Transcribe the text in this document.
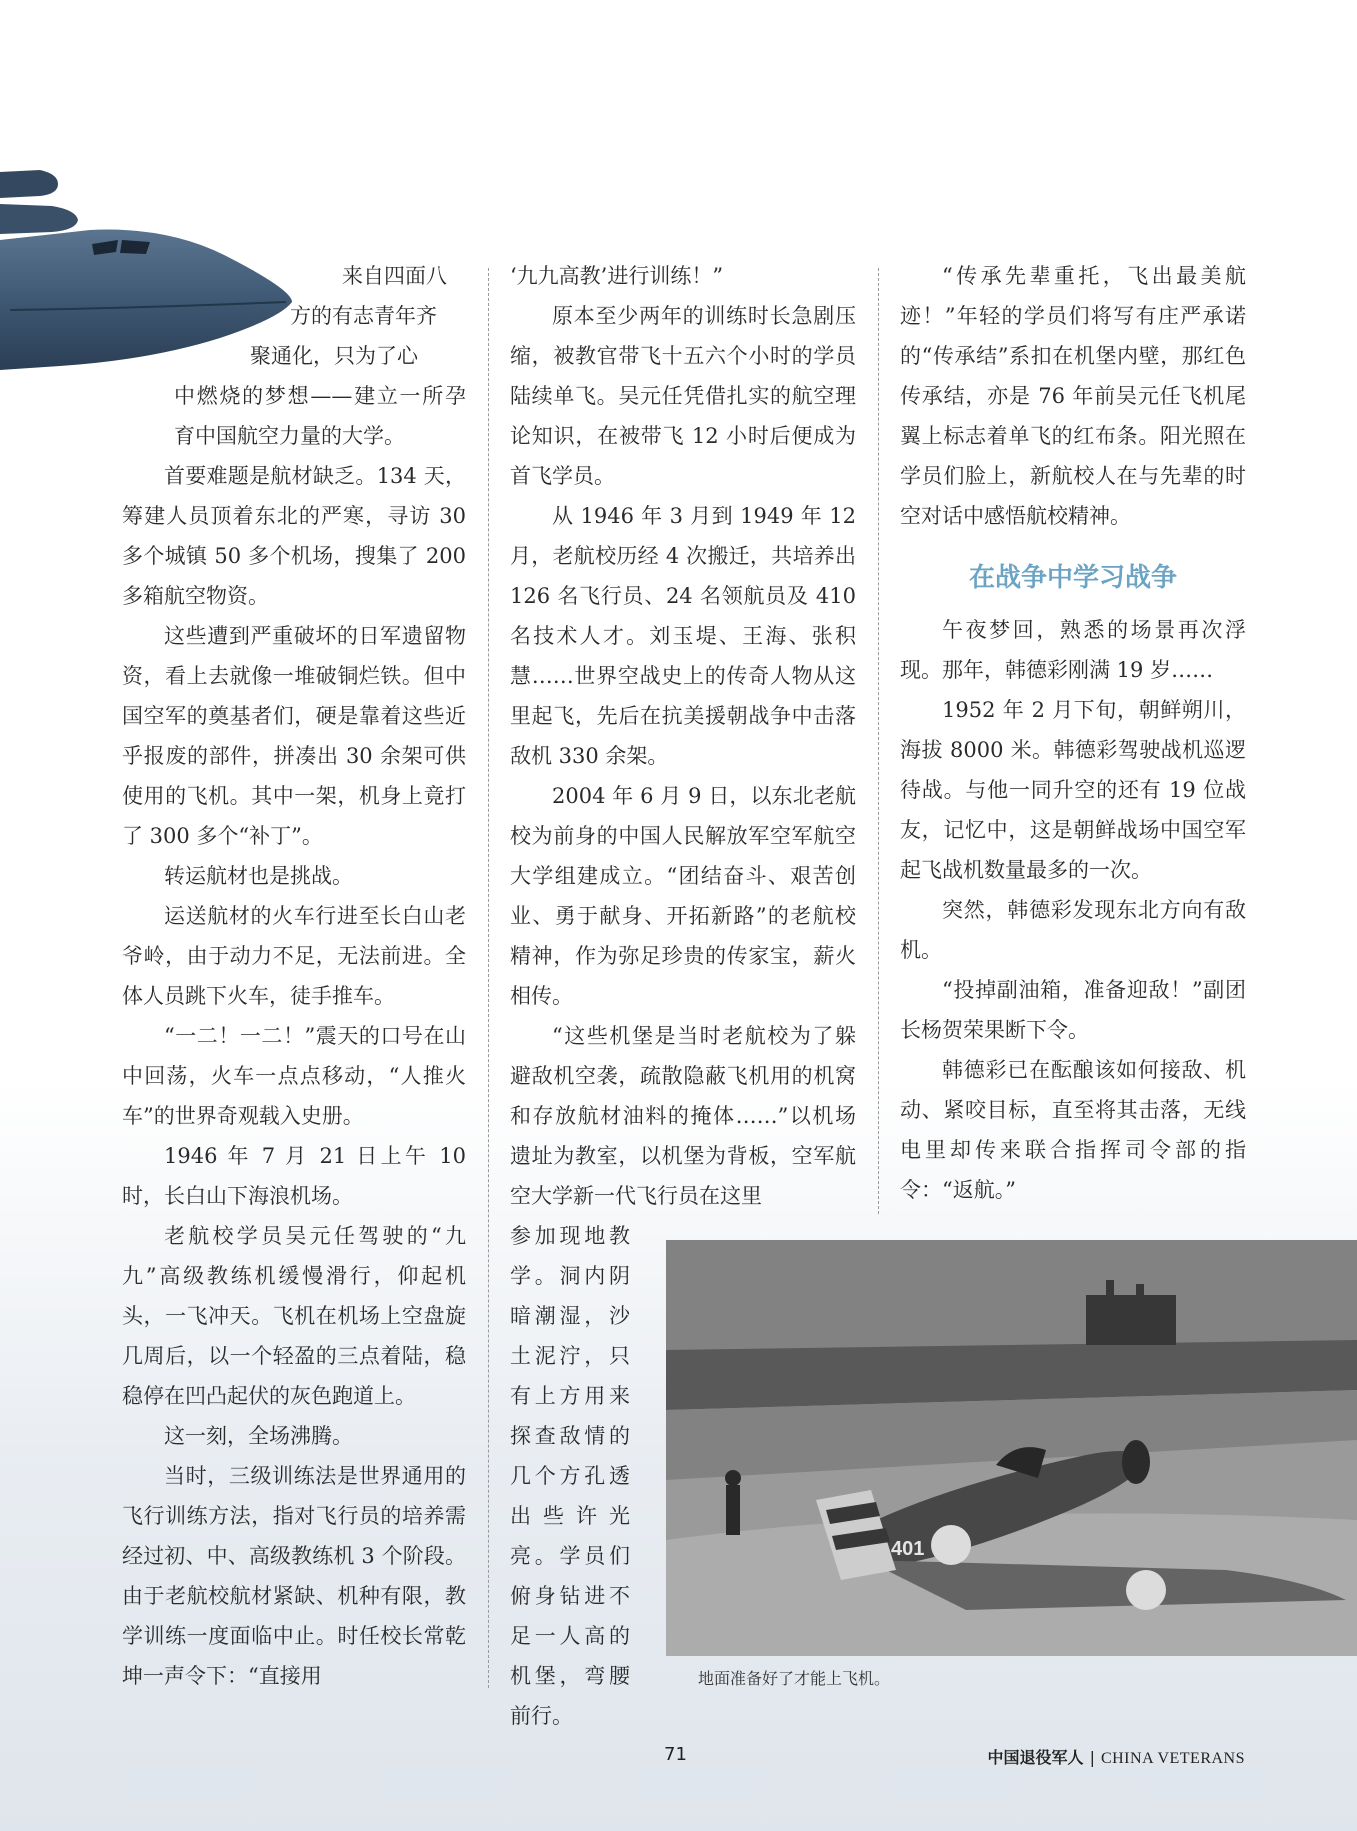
来自四面八

方的有志青年齐

聚通化，只为了心

中燃烧的梦想——建立一所孕育中国航空力量的大学。

首要难题是航材缺乏。134 天，筹建人员顶着东北的严寒，寻访 30 多个城镇 50 多个机场，搜集了 200 多箱航空物资。

这些遭到严重破坏的日军遗留物资，看上去就像一堆破铜烂铁。但中国空军的奠基者们，硬是靠着这些近乎报废的部件，拼凑出 30 余架可供使用的飞机。其中一架，机身上竟打了 300 多个“补丁”。

转运航材也是挑战。

运送航材的火车行进至长白山老爷岭，由于动力不足，无法前进。全体人员跳下火车，徒手推车。

“一二！一二！”震天的口号在山中回荡，火车一点点移动，“人推火车”的世界奇观载入史册。

1946 年 7 月 21 日上午 10 时，长白山下海浪机场。

老航校学员吴元任驾驶的“九九”高级教练机缓慢滑行，仰起机头，一飞冲天。飞机在机场上空盘旋几周后，以一个轻盈的三点着陆，稳稳停在凹凸起伏的灰色跑道上。

这一刻，全场沸腾。

当时，三级训练法是世界通用的飞行训练方法，指对飞行员的培养需经过初、中、高级教练机 3 个阶段。由于老航校航材紧缺、机种有限，教学训练一度面临中止。时任校长常乾坤一声令下：“直接用

‘九九高教’进行训练！”

原本至少两年的训练时长急剧压缩，被教官带飞十五六个小时的学员陆续单飞。吴元任凭借扎实的航空理论知识，在被带飞 12 小时后便成为首飞学员。

从 1946 年 3 月到 1949 年 12 月，老航校历经 4 次搬迁，共培养出 126 名飞行员、24 名领航员及 410 名技术人才。刘玉堤、王海、张积慧……世界空战史上的传奇人物从这里起飞，先后在抗美援朝战争中击落敌机 330 余架。

2004 年 6 月 9 日，以东北老航校为前身的中国人民解放军空军航空大学组建成立。“团结奋斗、艰苦创业、勇于献身、开拓新路”的老航校精神，作为弥足珍贵的传家宝，薪火相传。

“这些机堡是当时老航校为了躲避敌机空袭，疏散隐蔽飞机用的机窝和存放航材油料的掩体……”以机场遗址为教室，以机堡为背板，空军航空大学新一代飞行员在这里

参加现地教学。洞内阴暗潮湿，沙土泥泞，只有上方用来探查敌情的几个方孔透出些许光亮。学员们俯身钻进不足一人高的机堡，弯腰前行。

“传承先辈重托，飞出最美航迹！”年轻的学员们将写有庄严承诺的“传承结”系扣在机堡内壁，那红色传承结，亦是 76 年前吴元任飞机尾翼上标志着单飞的红布条。阳光照在学员们脸上，新航校人在与先辈的时空对话中感悟航校精神。

在战争中学习战争

午夜梦回，熟悉的场景再次浮现。那年，韩德彩刚满 19 岁……

1952 年 2 月下旬，朝鲜朔川，海拔 8000 米。韩德彩驾驶战机巡逻待战。与他一同升空的还有 19 位战友，记忆中，这是朝鲜战场中国空军起飞战机数量最多的一次。

突然，韩德彩发现东北方向有敌机。

“投掉副油箱，准备迎敌！”副团长杨贺荣果断下令。

韩德彩已在酝酿该如何接敌、机动、紧咬目标，直至将其击落，无线电里却传来联合指挥司令部的指令：“返航。”

401
地面准备好了才能上飞机。
71	中国退役军人 | CHINA VETERANS
